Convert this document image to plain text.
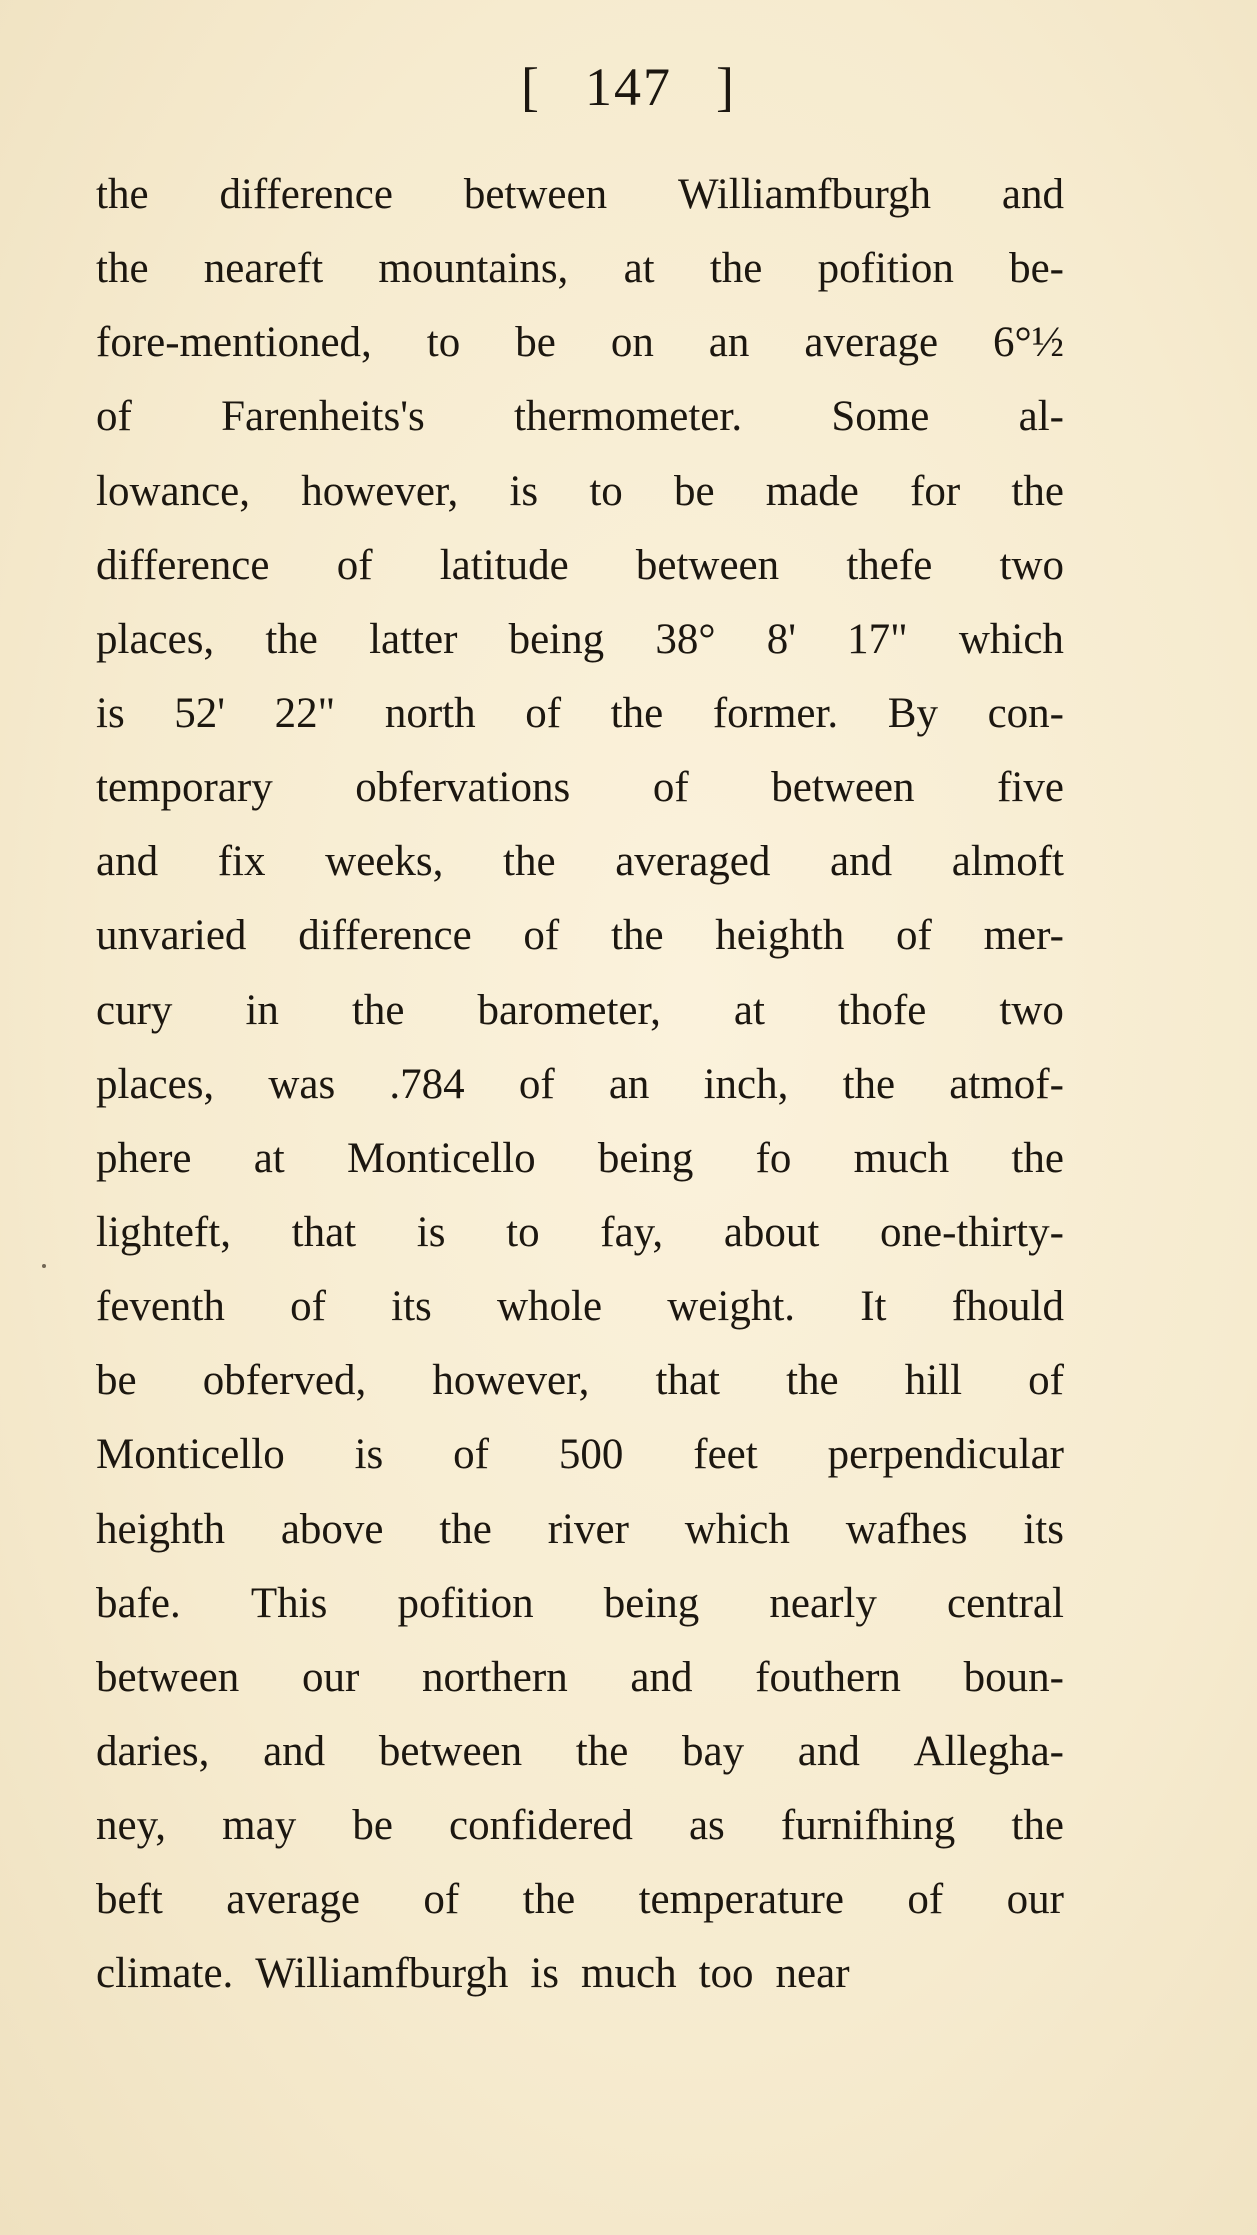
[ 147 ]
the difference between Williamfburgh and
the neareft mountains, at the pofition be-
fore-mentioned, to be on an average 6°½
of Farenheits's thermometer. Some al-
lowance, however, is to be made for the
difference of latitude between thefe two
places, the latter being 38° 8' 17" which
is 52' 22" north of the former. By con-
temporary obfervations of between five
and fix weeks, the averaged and almoft
unvaried difference of the heighth of mer-
cury in the barometer, at thofe two
places, was .784 of an inch, the atmof-
phere at Monticello being fo much the
lighteft, that is to fay, about one-thirty-
feventh of its whole weight. It fhould
be obferved, however, that the hill of
Monticello is of 500 feet perpendicular
heighth above the river which wafhes its
bafe. This pofition being nearly central
between our northern and fouthern boun-
daries, and between the bay and Allegha-
ney, may be confidered as furnifhing the
beft average of the temperature of our
climate. Williamfburgh is much too near
